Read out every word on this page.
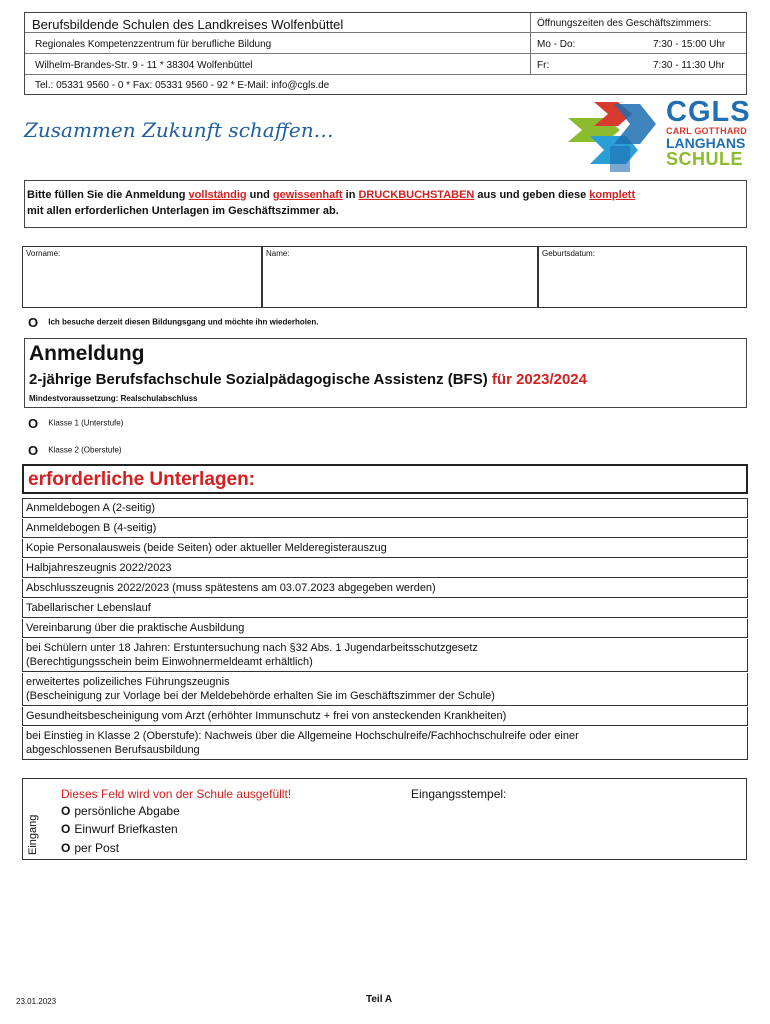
Berufsbildende Schulen des Landkreises Wolfenbüttel	Öffnungszeiten des Geschäftszimmers:
Regionales Kompetenzzentrum für berufliche Bildung	Mo - Do:	7:30 - 15:00 Uhr
Wilhelm-Brandes-Str. 9 - 11 * 38304 Wolfenbüttel	Fr:	7:30 - 11:30 Uhr
Tel.: 05331 9560 - 0 * Fax: 05331 9560 - 92 * E-Mail: info@cgls.de
Zusammen Zukunft schaffen…
CGLS
CARL GOTTHARD
LANGHANS
SCHULE
Bitte füllen Sie die Anmeldung vollständig und gewissenhaft in DRUCKBUCHSTABEN aus und geben diese komplett
mit allen erforderlichen Unterlagen im Geschäftszimmer ab.
Vorname:	Name:	Geburtsdatum:
O Ich besuche derzeit diesen Bildungsgang und möchte ihn wiederholen.
Anmeldung
2-jährige Berufsfachschule Sozialpädagogische Assistenz (BFS) für 2023/2024
Mindestvoraussetzung: Realschulabschluss
O Klasse 1 (Unterstufe)
O Klasse 2 (Oberstufe)
erforderliche Unterlagen:
Anmeldebogen A (2-seitig)
Anmeldebogen B (4-seitig)
Kopie Personalausweis (beide Seiten) oder aktueller Melderegisterauszug
Halbjahreszeugnis 2022/2023
Abschlusszeugnis 2022/2023 (muss spätestens am 03.07.2023 abgegeben werden)
Tabellarischer Lebenslauf
Vereinbarung über die praktische Ausbildung
bei Schülern unter 18 Jahren: Erstuntersuchung nach §32 Abs. 1 Jugendarbeitsschutzgesetz
(Berechtigungsschein beim Einwohnermeldeamt erhältlich)
erweitertes polizeiliches Führungszeugnis
(Bescheinigung zur Vorlage bei der Meldebehörde erhalten Sie im Geschäftszimmer der Schule)
Gesundheitsbescheinigung vom Arzt (erhöhter Immunschutz + frei von ansteckenden Krankheiten)
bei Einstieg in Klasse 2 (Oberstufe): Nachweis über die Allgemeine Hochschulreife/Fachhochschulreife oder einer
abgeschlossenen Berufsausbildung
Eingang
Dieses Feld wird von der Schule ausgefüllt!
O persönliche Abgabe
O Einwurf Briefkasten
O per Post
Eingangsstempel:
23.01.2023	Teil A
